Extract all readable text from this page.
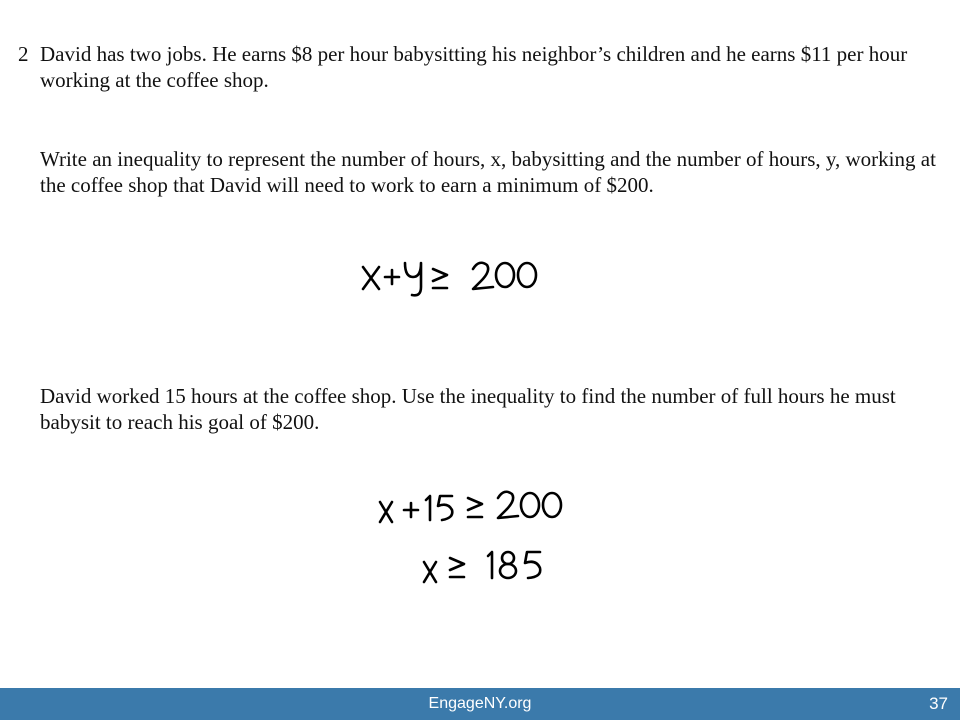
2 David has two jobs. He earns $8 per hour babysitting his neighbor’s children and he earns $11 per hour working at the coffee shop.
Write an inequality to represent the number of hours, x, babysitting and the number of hours, y, working at the coffee shop that David will need to work to earn a minimum of $200.
David worked 15 hours at the coffee shop. Use the inequality to find the number of full hours he must babysit to reach his goal of $200.
EngageNY.org	37
